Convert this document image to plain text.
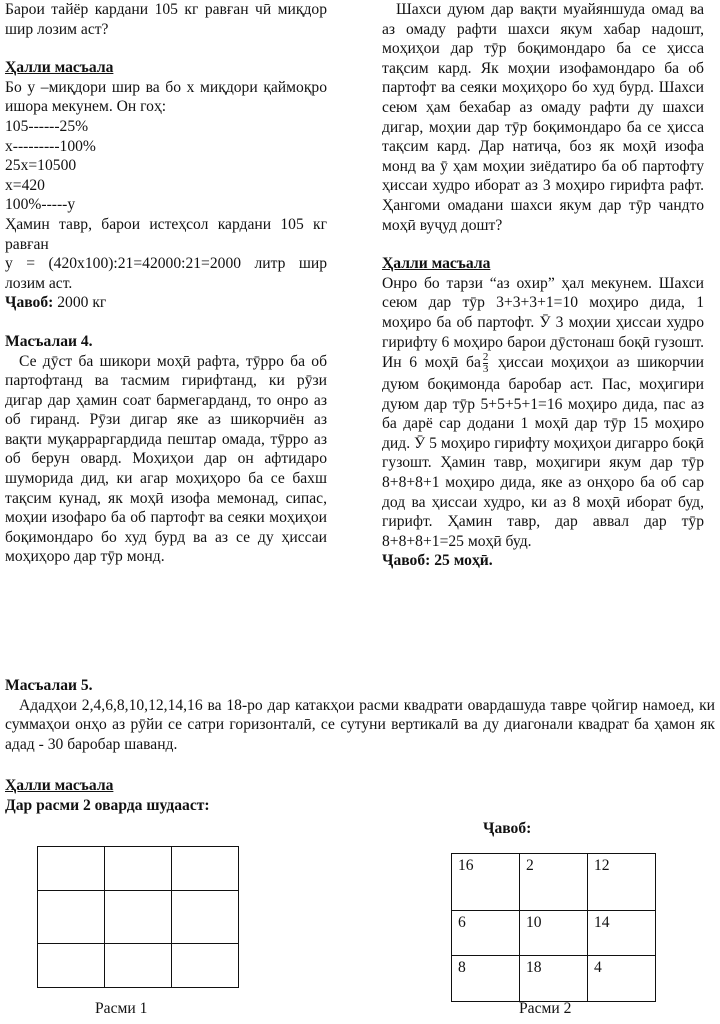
Барои тайёр кардани 105 кг равған чӣ миқдор шир лозим аст?

Ҳалли масъала

Бо y –миқдори шир ва бо х миқдори қаймоқро ишора мекунем. Он гоҳ:

105------25%

x---------100%

25x=10500

x=420

100%-----y

Ҳамин тавр, барои истеҳсол кардани 105 кг равған

y = (420x100):21=42000:21=2000 литр шир лозим аст.

Ҷавоб: 2000 кг

Масъалаи 4.

Се дӯст ба шикори моҳӣ рафта, тӯрро ба об партофтанд ва тасмим гирифтанд, ки рӯзи дигар дар ҳамин соат бармегарданд, то онро аз об гиранд. Рӯзи дигар яке аз шикорчиён аз вақти муқарраргардида пештар омада, тӯрро аз об берун овард. Моҳиҳои дар он афтидаро шуморида дид, ки агар моҳиҳоро ба се бахш тақсим кунад, як моҳӣ изофа мемонад, сипас, моҳии изофаро ба об партофт ва сеяки моҳиҳои боқимондаро бо худ бурд ва аз се ду ҳиссаи моҳиҳоро дар тӯр монд.

Шахси дуюм дар вақти муайяншуда омад ва аз омаду рафти шахси якум хабар надошт, моҳиҳои дар тӯр боқимондаро ба се ҳисса тақсим кард. Як моҳии изофамондаро ба об партофт ва сеяки моҳиҳоро бо худ бурд. Шахси сеюм ҳам бехабар аз омаду рафти ду шахси дигар, моҳии дар тӯр боқимондаро ба се ҳисса тақсим кард. Дар натиҷа, боз як моҳӣ изофа монд ва ӯ ҳам моҳии зиёдатиро ба об партофту ҳиссаи худро иборат аз 3 моҳиро гирифта рафт. Ҳангоми омадани шахси якум дар тӯр чандто моҳӣ вуҷуд дошт?

Ҳалли масъала

Онро бо тарзи “аз охир” ҳал мекунем. Шахси сеюм дар тӯр 3+3+3+1=10 моҳиро дида, 1 моҳиро ба об партофт. Ӯ 3 моҳии ҳиссаи худро гирифту 6 моҳиро барои дӯстонаш боқӣ гузошт. Ин 6 моҳӣ ба $\frac{2}{3}$ ҳиссаи моҳиҳои аз шикорчии дуюм боқимонда баробар аст. Пас, моҳигири дуюм дар тӯр 5+5+5+1=16 моҳиро дида, пас аз ба дарё сар додани 1 моҳӣ дар тӯр 15 моҳиро дид. Ӯ 5 моҳиро гирифту моҳиҳои дигарро боқӣ гузошт. Ҳамин тавр, моҳигири якум дар тӯр 8+8+8+1 моҳиро дида, яке аз онҳоро ба об сар дод ва ҳиссаи худро, ки аз 8 моҳӣ иборат буд, гирифт. Ҳамин тавр, дар аввал дар тӯр 8+8+8+1=25 моҳӣ буд.

Ҷавоб: 25 моҳӣ.

Масъалаи 5.

Ададҳои 2,4,6,8,10,12,14,16 ва 18-ро дар катакҳои расми квадрати овардашуда тавре ҷойгир намоед, ки суммаҳои онҳо аз рӯйи се сатри горизонталӣ, се сутуни вертикалӣ ва ду диагонали квадрат ба ҳамон як адад - 30 баробар шаванд.

Ҳалли масъала

Дар расми 2 оварда шудааст:

Ҷавоб:

16	2	12
6	10	14
8	18	4
Расми 1	Расми 2
